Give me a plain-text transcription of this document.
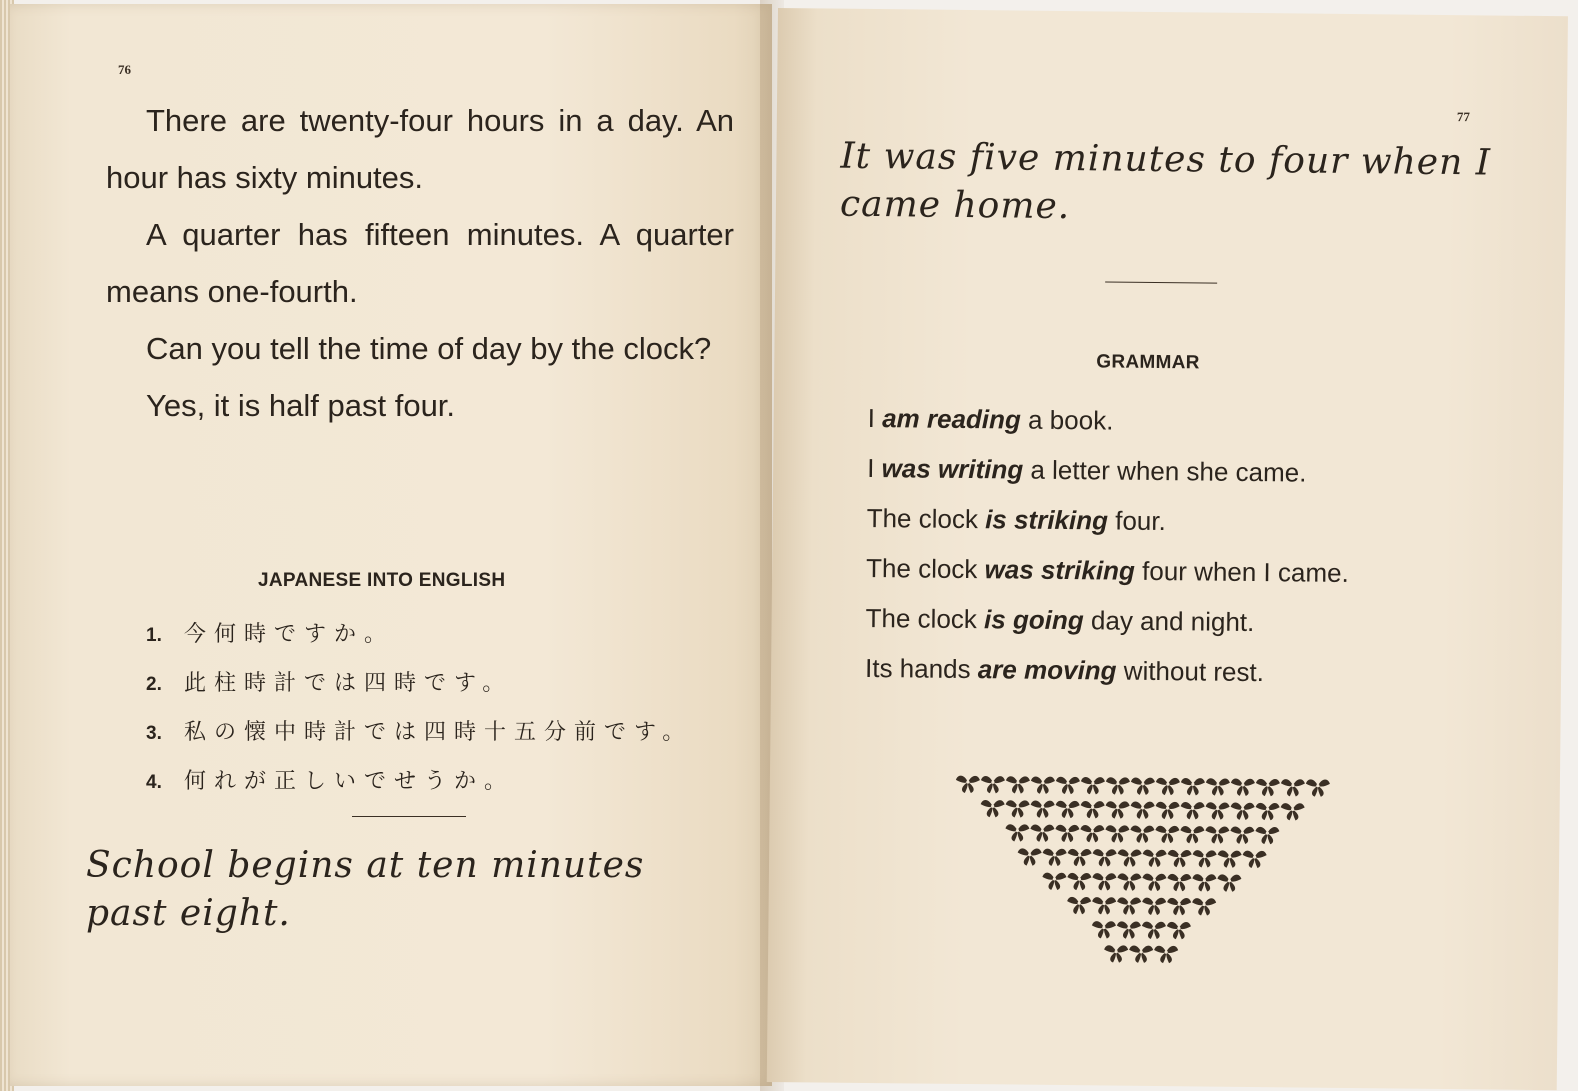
76

There are twenty-four hours in a day. An hour has sixty minutes.

A quarter has fifteen minutes. A quarter means one-fourth.

Can you tell the time of day by the clock?

Yes, it is half past four.

JAPANESE INTO ENGLISH
1. 今何時ですか。
2. 此柱時計では四時です。
3. 私の懐中時計では四時十五分前です。
4. 何れが正しいでせうか。
School begins at ten minutes past eight.
77
It was five minutes to four when I came home.
GRAMMAR
I am reading a book.
I was writing a letter when she came.
The clock is striking four.
The clock was striking four when I came.
The clock is going day and night.
Its hands are moving without rest.
